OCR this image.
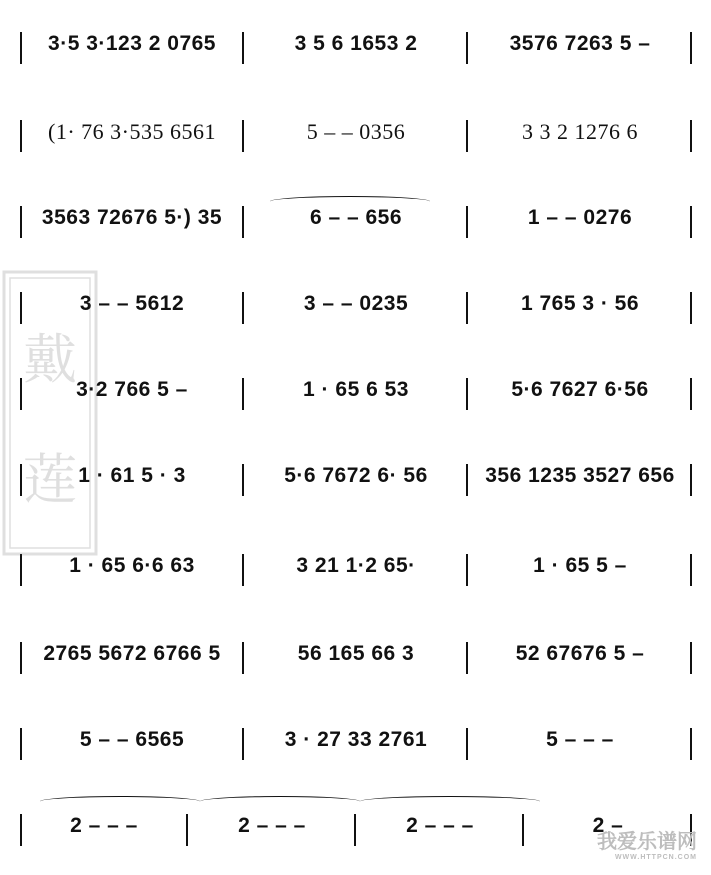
3·5 3·123 2 0765	3 5 6 1653 2	3576 7263 5 –
(1· 76 3·535 6561	5 – – 0356	3 3 2 1276 6
3563 72676 5·) 35	6 – – 656	1 – – 0276
3 – – 5612	3 – – 0235	1 765 3 · 56
3·2 766 5 –	1 · 65 6 53	5·6 7627 6·56
1 · 61 5 · 3	5·6 7672 6· 56	356 1235 3527 656
1 · 65 6·6 63	3 21 1·2 65·	1 · 65 5 –
2765 5672 6766 5	56 165 66 3	52 67676 5 –
5 – – 6565	3 · 27 33 2761	5 – – –
2 – – –	2 – – –	2 – – –	2 –
戴
莲
我爱乐谱网
WWW.HTTPCN.COM
